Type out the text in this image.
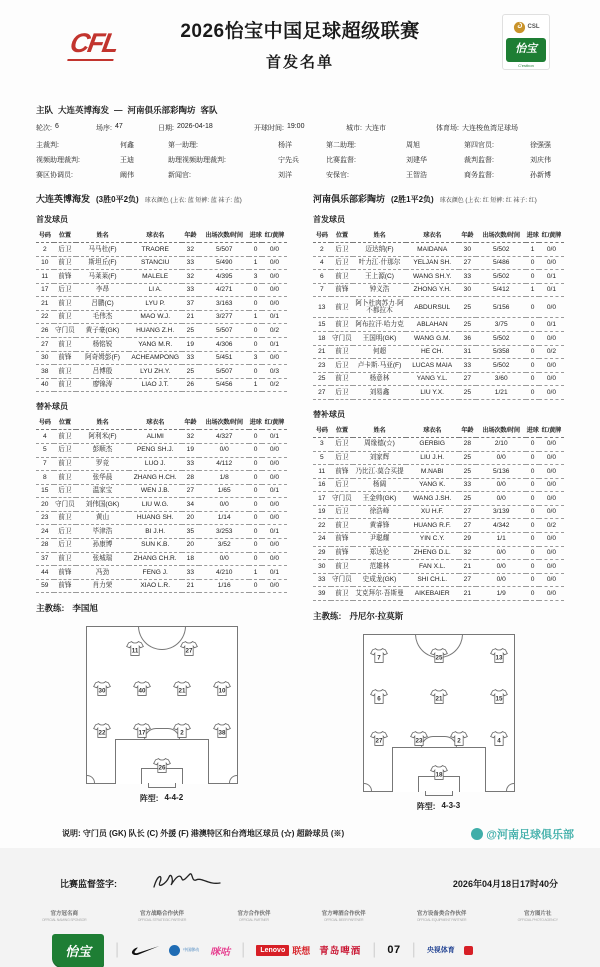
CFL	2026怡宝中国足球超级联赛
首发名单
CSL
怡宝
C'estbon
主队 大连英博海发 — 河南俱乐部彩陶坊 客队
轮次: 6	场序: 47	日期: 2026-04-18	开球时间: 19:00	城市: 大连市	体育场: 大连梭鱼湾足球场
主裁判:	何鑫	第一助理:	杨洋	第二助理:	周旭	第四官员:	徐强强
视频助理裁判:	王迪	助理视频助理裁判:	宁先兵	比赛监督:	刘建华	裁判监督:	刘庆伟
赛区协调员:	阚伟	新闻官:	刘洋	安保官:	王智浩	商务监督:	孙新博
大连英博海发 (3胜0平2负) 球衣颜色 (上衣: 蓝 短裤: 蓝 袜子: 蓝)
首发球员
号码	位置	姓名	球衣名	年龄	出场次数/时间	进球	红/黄牌
2	后卫	马马杜(F)	TRAORE	32	5/507	0	0/0
10	前卫	斯坦丘(F)	STANCIU	33	5/490	1	0/0
11	前锋	马莱莱(F)	MALELE	32	4/395	3	0/0
17	后卫	李昂	LI A.	33	4/271	0	0/0
21	前卫	吕鹏(C)	LYU P.	37	3/163	0	0/0
22	前卫	毛伟杰	MAO W.J.	21	3/277	1	0/1
26	守门员	黄子豪(GK)	HUANG Z.H.	25	5/507	0	0/2
27	前卫	杨铭锐	YANG M.R.	19	4/306	0	0/1
30	前锋	阿奇姆彭(F)	ACHEAMPONG	33	5/451	3	0/0
38	前卫	吕博殷	LYU ZH.Y.	25	5/507	0	0/3
40	前卫	廖锦涛	LIAO J.T.	26	5/456	1	0/2
替补球员
号码	位置	姓名	球衣名	年龄	出场次数/时间	进球	红/黄牌
4	前卫	阿利米(F)	ALIMI	32	4/327	0	0/1
5	后卫	彭顺杰	PENG SH.J.	19	0/0	0	0/0
7	前卫	罗竞	LUO J.	33	4/112	0	0/0
8	前卫	张华晨	ZHANG H.CH.	28	1/8	0	0/0
15	后卫	温家宝	WEN J.B.	27	1/65	0	0/1
20	守门员	刘伟国(GK)	LIU W.G.	34	0/0	0	0/0
23	前卫	黄山	HUANG SH.	20	1/14	0	0/0
24	后卫	毕津浩	BI J.H.	35	3/253	0	0/1
28	后卫	孙康博	SUN K.B.	20	3/52	0	0/0
37	前卫	张城瑞	ZHANG CH.R.	18	0/0	0	0/0
44	前锋	冯劲	FENG J.	33	4/210	1	0/1
59	前锋	肖力荣	XIAO L.R.	21	1/16	0	0/0
主教练: 李国旭
11	27
30	40	21	10
22	17	2	38
26
阵型: 4-4-2
河南俱乐部彩陶坊 (2胜1平2负) 球衣颜色 (上衣: 红 短裤: 红 袜子: 红)
首发球员
号码	位置	姓名	球衣名	年龄	出场次数/时间	进球	红/黄牌
2	后卫	迈达纳(F)	MAIDANA	30	5/502	1	0/0
4	后卫	叶力江·什那尔	YELJAN SH.	27	5/486	0	0/0
6	前卫	王上源(C)	WANG SH.Y.	33	5/502	0	0/1
7	前锋	钟义浩	ZHONG Y.H.	30	5/412	1	0/1
13	前卫	阿卜杜肉苏力·阿不都拉木	ABDURSUL	25	5/156	0	0/0
15	前卫	阿布拉汗·哈力克	ABLAHAN	25	3/75	0	0/1
18	守门员	王国明(GK)	WANG G.M.	36	5/502	0	0/0
21	前卫	何超	HE CH.	31	5/358	0	0/2
23	后卫	卢卡斯·马亚(F)	LUCAS MAIA	33	5/502	0	0/0
25	前卫	杨意林	YANG Y.L.	27	3/60	0	0/0
27	后卫	刘易鑫	LIU Y.X.	25	1/21	0	0/0
替补球员
号码	位置	姓名	球衣名	年龄	出场次数/时间	进球	红/黄牌
3	后卫	周缘德(☆)	GERBIG	28	2/10	0	0/0
5	后卫	刘家辉	LIU J.H.	25	0/0	0	0/0
11	前锋	乃比江·莫合买提	M.NABI	25	5/136	0	0/0
16	后卫	杨阔	YANG K.	33	0/0	0	0/0
17	守门员	王金帅(GK)	WANG J.SH.	25	0/0	0	0/0
19	后卫	徐浩峰	XU H.F.	27	3/139	0	0/0
22	前卫	黄睿锋	HUANG R.F.	27	4/342	0	0/2
24	前锋	尹聪耀	YIN C.Y.	29	1/1	0	0/0
29	前锋	郑达伦	ZHENG D.L.	32	0/0	0	0/0
30	前卫	范雄林	FAN X.L.	21	0/0	0	0/0
33	守门员	史成龙(GK)	SHI CH.L.	27	0/0	0	0/0
39	前卫	艾克拜尔·吾斯曼	AIKEBAIER	21	1/9	0	0/0
主教练: 丹尼尔·拉莫斯
7	25	13
6	21	15
27	23	2	4
18
阵型: 4-3-3
说明: 守门员 (GK) 队长 (C) 外援 (F) 港澳特区和台湾地区球员 (☆) 超龄球员 (※)
比赛监督签字:	2026年04月18日17时40分
官方冠名商
OFFICIAL NAMING SPONSOR
官方战略合作伙伴
OFFICIAL STRATEGIC PARTNER
官方合作伙伴
OFFICIAL PARTNER
官方啤酒合作伙伴
OFFICIAL BEER PARTNER
官方设备类合作伙伴
OFFICIAL EQUIPMENT PARTNER
官方图片社
OFFICIAL PHOTO AGENCY
怡宝	|	中国移动 咪咕 |	Lenovo 联想 青岛啤酒 | 07 | 央视体育
@河南足球俱乐部
